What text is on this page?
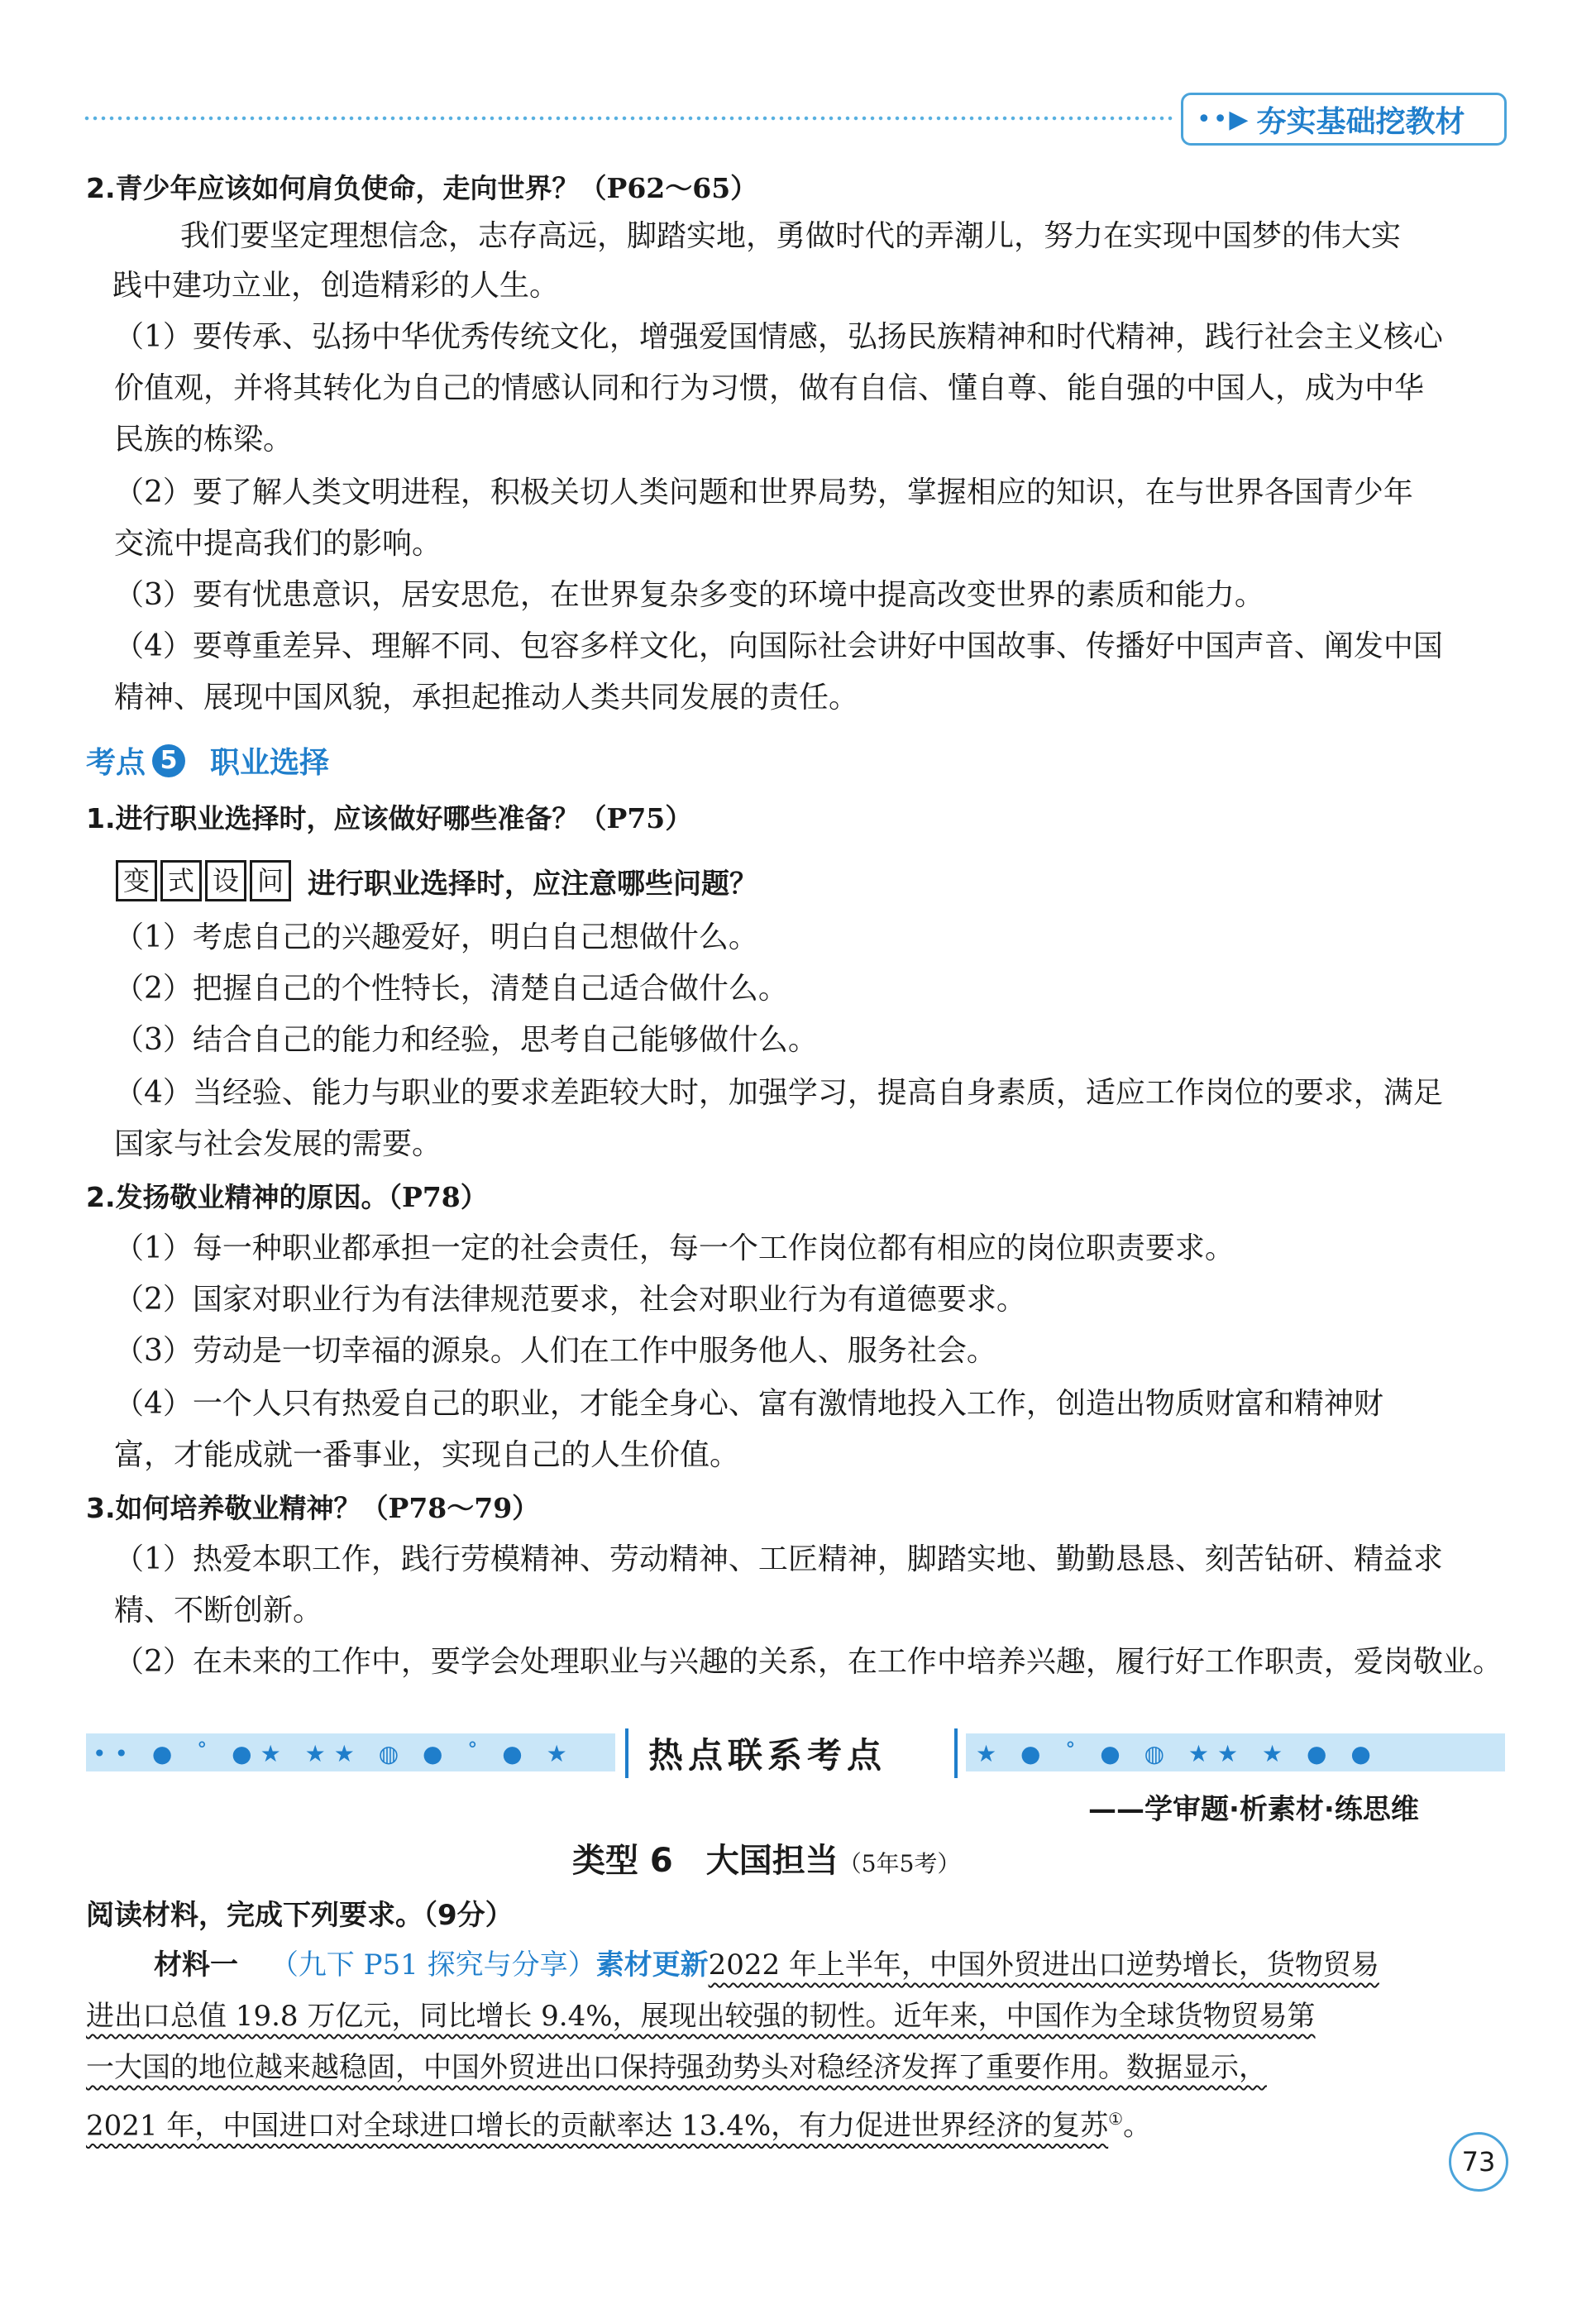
••▶ 夯实基础挖教材
2.青少年应该如何肩负使命，走向世界？（P62～65）
我们要坚定理想信念，志存高远，脚踏实地，勇做时代的弄潮儿，努力在实现中国梦的伟大实
践中建功立业，创造精彩的人生。
（1）要传承、弘扬中华优秀传统文化，增强爱国情感，弘扬民族精神和时代精神，践行社会主义核心
价值观，并将其转化为自己的情感认同和行为习惯，做有自信、懂自尊、能自强的中国人，成为中华
民族的栋梁。
（2）要了解人类文明进程，积极关切人类问题和世界局势，掌握相应的知识，在与世界各国青少年
交流中提高我们的影响。
（3）要有忧患意识，居安思危，在世界复杂多变的环境中提高改变世界的素质和能力。
（4）要尊重差异、理解不同、包容多样文化，向国际社会讲好中国故事、传播好中国声音、阐发中国
精神、展现中国风貌，承担起推动人类共同发展的责任。
考点 5 职业选择
1.进行职业选择时，应该做好哪些准备？（P75）
变 式 设 问 进行职业选择时，应注意哪些问题？
（1）考虑自己的兴趣爱好，明白自己想做什么。
（2）把握自己的个性特长，清楚自己适合做什么。
（3）结合自己的能力和经验，思考自己能够做什么。
（4）当经验、能力与职业的要求差距较大时，加强学习，提高自身素质，适应工作岗位的要求，满足
国家与社会发展的需要。
2.发扬敬业精神的原因。（P78）
（1）每一种职业都承担一定的社会责任，每一个工作岗位都有相应的岗位职责要求。
（2）国家对职业行为有法律规范要求，社会对职业行为有道德要求。
（3）劳动是一切幸福的源泉。人们在工作中服务他人、服务社会。
（4）一个人只有热爱自己的职业，才能全身心、富有激情地投入工作，创造出物质财富和精神财
富，才能成就一番事业，实现自己的人生价值。
3.如何培养敬业精神？（P78～79）
（1）热爱本职工作，践行劳模精神、劳动精神、工匠精神，脚踏实地、勤勤恳恳、刻苦钻研、精益求
精、不断创新。
（2）在未来的工作中，要学会处理职业与兴趣的关系，在工作中培养兴趣，履行好工作职责，爱岗敬业。
•• ● ˚ ●★ ★★ ◍ ● ˚ ● ★ 热点联系考点	★ ● ˚ ● ◍ ★★ ★ ● ●
——学审题·析素材·练思维
类型 6　大国担当（5年5考）
阅读材料，完成下列要求。（9分）
材料一 （九下 P51 探究与分享）素材更新2022 年上半年，中国外贸进出口逆势增长，货物贸易
进出口总值 19.8 万亿元，同比增长 9.4%，展现出较强的韧性。近年来，中国作为全球货物贸易第
一大国的地位越来越稳固，中国外贸进出口保持强劲势头对稳经济发挥了重要作用。数据显示，
2021 年，中国进口对全球进口增长的贡献率达 13.4%，有力促进世界经济的复苏①。
73
